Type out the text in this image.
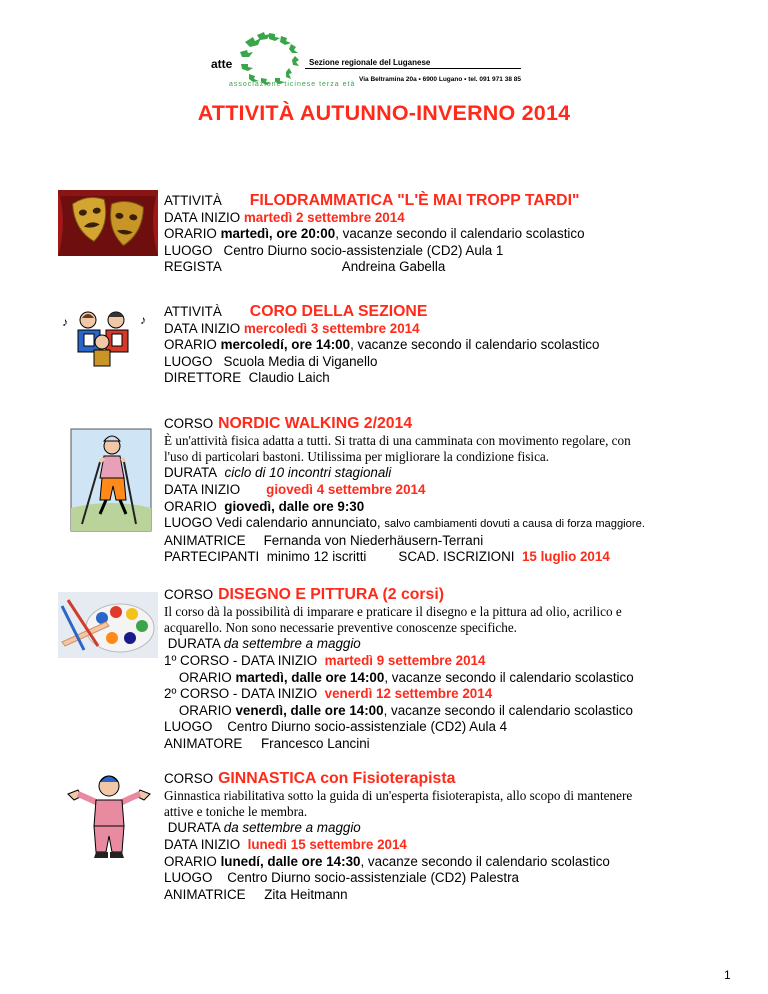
atte	Sezione regionale del Luganese
Via Beltramina 20a • 6900 Lugano • tel. 091 971 38 85
associazione ticinese terza età
ATTIVITÀ AUTUNNO-INVERNO 2014
ATTIVITÀ FILODRAMMATICA "L'È MAI TROPP TARDI"
DATA INIZIO martedì 2 settembre 2014
ORARIO martedì, ore 20:00, vacanze secondo il calendario scolastico
LUOGO Centro Diurno socio-assistenziale (CD2) Aula 1
REGISTA	Andreina Gabella
♪	♪
ATTIVITÀ CORO DELLA SEZIONE
DATA INIZIO mercoledì 3 settembre 2014
ORARIO mercoledí, ore 14:00, vacanze secondo il calendario scolastico
LUOGO Scuola Media di Viganello
DIRETTORE Claudio Laich
CORSO NORDIC WALKING 2/2014
È un'attività fisica adatta a tutti. Si tratta di una camminata con movimento regolare, con
l'uso di particolari bastoni. Utilissima per migliorare la condizione fisica.
DURATA ciclo di 10 incontri stagionali
DATA INIZIO giovedì 4 settembre 2014
ORARIO giovedì, dalle ore 9:30
LUOGO Vedi calendario annunciato, salvo cambiamenti dovuti a causa di forza maggiore.
ANIMATRICE Fernanda von Niederhäusern-Terrani
PARTECIPANTI minimo 12 iscritti SCAD. ISCRIZIONI 15 luglio 2014
CORSO DISEGNO E PITTURA (2 corsi)
Il corso dà la possibilità di imparare e praticare il disegno e la pittura ad olio, acrilico e
acquarello. Non sono necessarie preventive conoscenze specifiche.
DURATA da settembre a maggio
1º CORSO - DATA INIZIO martedì 9 settembre 2014
ORARIO martedì, dalle ore 14:00, vacanze secondo il calendario scolastico
2º CORSO - DATA INIZIO venerdì 12 settembre 2014
ORARIO venerdì, dalle ore 14:00, vacanze secondo il calendario scolastico
LUOGO Centro Diurno socio-assistenziale (CD2) Aula 4
ANIMATORE Francesco Lancini
CORSO GINNASTICA con Fisioterapista
Ginnastica riabilitativa sotto la guida di un'esperta fisioterapista, allo scopo di mantenere
attive e toniche le membra.
DURATA da settembre a maggio
DATA INIZIO lunedì 15 settembre 2014
ORARIO lunedí, dalle ore 14:30, vacanze secondo il calendario scolastico
LUOGO Centro Diurno socio-assistenziale (CD2) Palestra
ANIMATRICE Zita Heitmann
1
